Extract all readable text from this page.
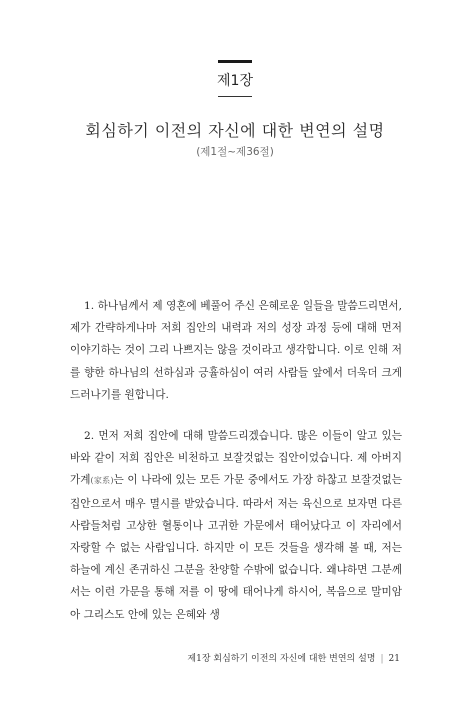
제1장
회심하기 이전의 자신에 대한 변연의 설명
(제1절~제36절)

1. 하나님께서 제 영혼에 베풀어 주신 은혜로운 일들을 말씀드리면서, 제가 간략하게나마 저희 집안의 내력과 저의 성장 과정 등에 대해 먼저 이야기하는 것이 그리 나쁘지는 않을 것이라고 생각합니다. 이로 인해 저를 향한 하나님의 선하심과 긍휼하심이 여러 사람들 앞에서 더욱더 크게 드러나기를 원합니다.

2. 먼저 저희 집안에 대해 말씀드리겠습니다. 많은 이들이 알고 있는 바와 같이 저희 집안은 비천하고 보잘것없는 집안이었습니다. 제 아버지 가계(家系)는 이 나라에 있는 모든 가문 중에서도 가장 하찮고 보잘것없는 집안으로서 매우 멸시를 받았습니다. 따라서 저는 육신으로 보자면 다른 사람들처럼 고상한 혈통이나 고귀한 가문에서 태어났다고 이 자리에서 자랑할 수 없는 사람입니다. 하지만 이 모든 것들을 생각해 볼 때, 저는 하늘에 계신 존귀하신 그분을 찬양할 수밖에 없습니다. 왜냐하면 그분께서는 이런 가문을 통해 저를 이 땅에 태어나게 하시어, 복음으로 말미암아 그리스도 안에 있는 은혜와 생

제1장 회심하기 이전의 자신에 대한 변연의 설명 | 21
